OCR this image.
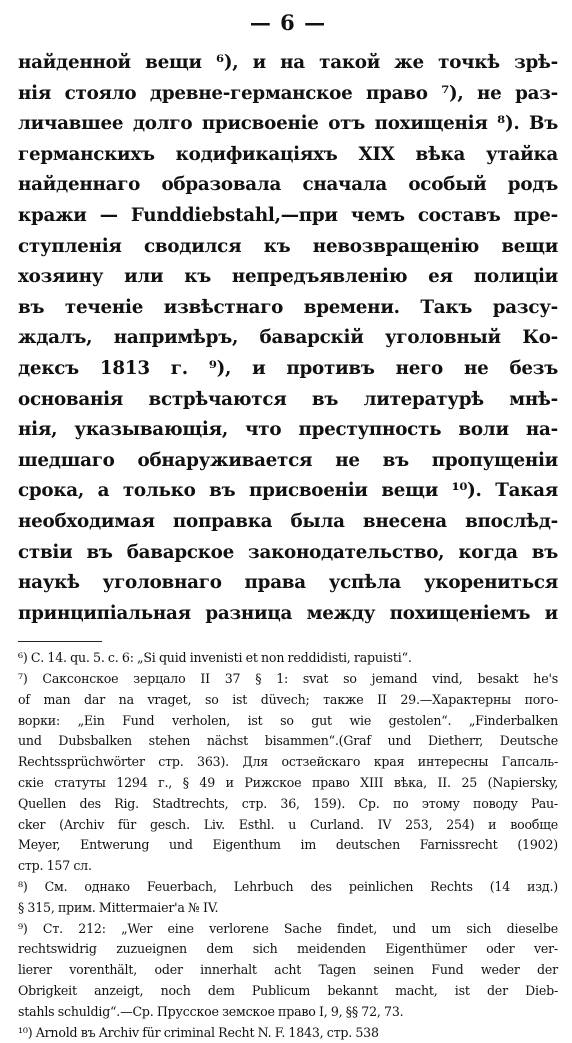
— 6 —
найденной вещи ⁶), и на такой же точкѣ зрѣ-
нія стояло древне-германское право ⁷), не раз-
личавшее долго присвоеніе отъ похищенія ⁸). Въ
германскихъ кодификаціяхъ XIX вѣка утайка
найденнаго образовала сначала особый родъ
кражи — Funddiebstahl,—при чемъ составъ пре-
ступленія сводился къ невозвращенію вещи
хозяину или къ непредъявленію ея полиціи
въ теченіе извѣстнаго времени. Такъ разсу-
ждалъ, напримѣръ, баварскій уголовный Ко-
дексъ 1813 г. ⁹), и противъ него не безъ
основанія встрѣчаются въ литературѣ мнѣ-
нія, указывающія, что преступность воли на-
шедшаго обнаруживается не въ пропущеніи
срока, а только въ присвоеніи вещи ¹⁰). Такая
необходимая поправка была внесена впослѣд-
ствіи въ баварское законодательство, когда въ
наукѣ уголовнаго права успѣла укорениться
принципіальная разница между похищеніемъ и
⁶) С. 14. qu. 5. c. 6: „Si quid invenisti et non reddidisti, rapuisti“.
⁷) Саксонское зерцало II 37 § 1: svat so jemand vind, besakt he's
of man dar na vraget, so ist düvech; также II 29.—Характерны пого-
ворки: „Ein Fund verholen, ist so gut wie gestolen“. „Finderbalken
und Dubsbalken stehen nächst bisammen“.(Graf und Dietherr, Deutsche
Rechtssprüchwörter стр. 363). Для остзейскаго края интересны Гапсаль-
скіе статуты 1294 г., § 49 и Рижское право XIII вѣка, II. 25 (Napiersky,
Quellen des Rig. Stadtrechts, стр. 36, 159). Ср. по этому поводу Pau-
cker (Archiv für gesch. Liv. Esthl. u Curland. IV 253, 254) и вообще
Meyer, Entwerung und Eigenthum im deutschen Farnissrecht (1902)
стр. 157 сл.
⁸) См. однако Feuerbach, Lehrbuch des peinlichen Rechts (14 изд.)
§ 315, прим. Mittermaier'а № IV.
⁹) Ст. 212: „Wer eine verlorene Sache findet, und um sich dieselbe
rechtswidrig zuzueignen dem sich meidenden Eigenthümer oder ver-
lierer vorenthält, oder innerhalt acht Tagen seinen Fund weder der
Obrigkeit anzeigt, noch dem Publicum bekannt macht, ist der Dieb-
stahls schuldig“.—Ср. Прусское земское право I, 9, §§ 72, 73.
¹⁰) Arnold въ Archiv für criminal Recht N. F. 1843, стр. 538
